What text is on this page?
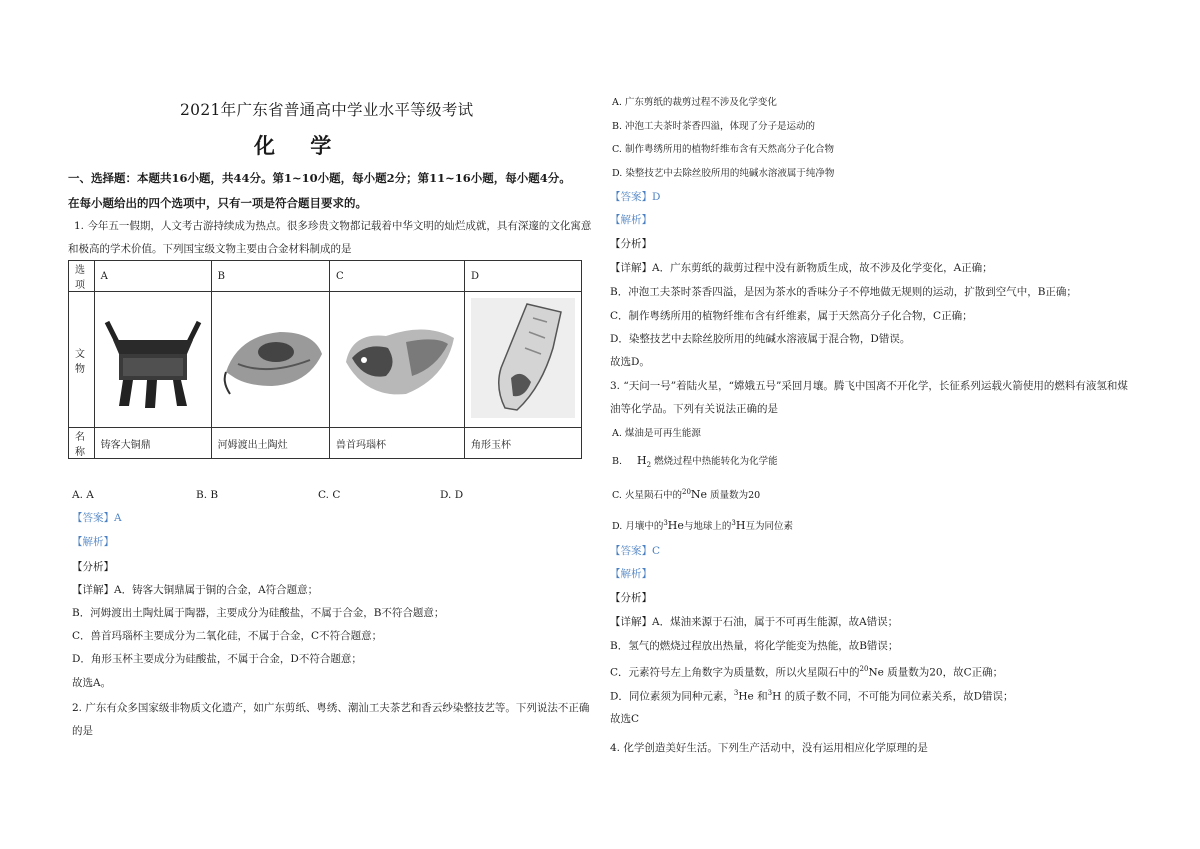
2021年广东省普通高中学业水平等级考试
化 学
一、选择题：本题共16小题，共44分。第1~10小题，每小题2分；第11~16小题，每小题4分。
在每小题给出的四个选项中，只有一项是符合题目要求的。
1. 今年五一假期，人文考古游持续成为热点。很多珍贵文物都记载着中华文明的灿烂成就，具有深邃的文化寓意
和极高的学术价值。下列国宝级文物主要由合金材料制成的是
选项	A	B	C	D
文物				
名称	铸客大铜鼎	河姆渡出土陶灶	兽首玛瑙杯	角形玉杯
A. A	B. B	C. C	D. D
【答案】A
【解析】
【分析】
【详解】A．铸客大铜鼎属于铜的合金，A符合题意；
B．河姆渡出土陶灶属于陶器，主要成分为硅酸盐，不属于合金，B不符合题意；
C．兽首玛瑙杯主要成分为二氧化硅，不属于合金，C不符合题意；
D．角形玉杯主要成分为硅酸盐，不属于合金，D不符合题意；
故选A。
2. 广东有众多国家级非物质文化遗产，如广东剪纸、粤绣、潮汕工夫茶艺和香云纱染整技艺等。下列说法不正确
的是
A. 广东剪纸的裁剪过程不涉及化学变化
B. 冲泡工夫茶时茶香四溢，体现了分子是运动的
C. 制作粤绣所用的植物纤维布含有天然高分子化合物
D. 染整技艺中去除丝胶所用的纯碱水溶液属于纯净物
【答案】D
【解析】
【分析】
【详解】A．广东剪纸的裁剪过程中没有新物质生成，故不涉及化学变化，A正确；
B．冲泡工夫茶时茶香四溢，是因为茶水的香味分子不停地做无规则的运动，扩散到空气中，B正确；
C．制作粤绣所用的植物纤维布含有纤维素，属于天然高分子化合物，C正确；
D．染整技艺中去除丝胶所用的纯碱水溶液属于混合物，D错误。
故选D。
3. “天问一号”着陆火星，“嫦娥五号”采回月壤。腾飞中国离不开化学，长征系列运载火箭使用的燃料有液氢和煤
油等化学品。下列有关说法正确的是
A. 煤油是可再生能源
B. $H_2$ 燃烧过程中热能转化为化学能
C. 火星陨石中的$^{20}$Ne 质量数为20
D. 月壤中的$^3$He与地球上的$^3$H互为同位素
【答案】C
【解析】
【分析】
【详解】A．煤油来源于石油，属于不可再生能源，故A错误；
B．氢气的燃烧过程放出热量，将化学能变为热能，故B错误；
C．元素符号左上角数字为质量数，所以火星陨石中的$^{20}$Ne 质量数为20，故C正确；
D．同位素须为同种元素，$^3$He 和$^3$H 的质子数不同，不可能为同位素关系，故D错误；
故选C
4. 化学创造美好生活。下列生产活动中，没有运用相应化学原理的是
